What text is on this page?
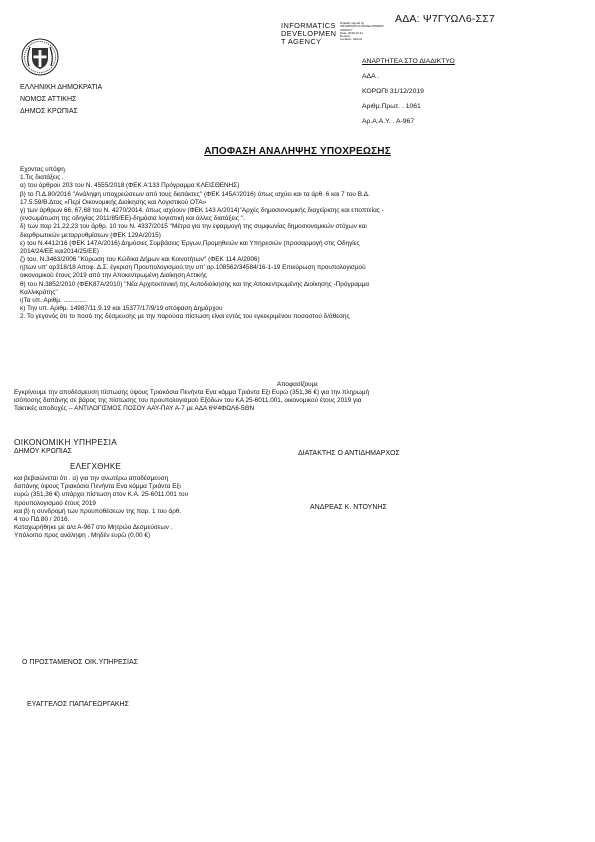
ΑΔΑ: Ψ7ΓΥΩΛ6-ΣΣ7
INFORMATICS
DEVELOPMEN
T AGENCY
Digitally signed by
INFORMATICS DEVELOPMENT
AGENCY
Date: 2019.12.31
Reason:
Location: Athens
ΕΛΛΗΝΙΚΗ ΔΗΜΟΚΡΑΤΙΑ
ΝΟΜΟΣ ΑΤΤΙΚΗΣ
ΔΗΜΟΣ ΚΡΩΠΙΑΣ
ΑΝΑΡΤΗΤΕΑ ΣΤΟ ΔΙΑΔΙΚΤΥΟ
ΑΔΑ .
ΚΟΡΩΠΙ 31/12/2019
Αριθμ.Πρωτ. . 1061
Αρ.Α.Α.Υ. . Α-967
ΑΠΟΦΑΣΗ ΑΝΑΛΗΨΗΣ ΥΠΟΧΡΕΩΣΗΣ
Εχοντας υπόψη.
1.Τις διατάξεις .
α) του άρθρου 203 του Ν. 4555/2018 (ΦΕΚ Α'133 Πρόγραμμα ΚΛΕΙΣΘΕΝΗΣ)
β) το Π.Δ.80/2016 ''Ανάληψη υποχρεώσεων από τους διατάκτες'' (ΦΕΚ 145Α'/2016) όπως ισχύει και τα άρθ. 6 και 7 του Β.Δ.
17.5.59/Β.Δτος «Περί Οικονομικής Διοίκησης και Λογιστικού ΟΤΑ»
γ) των άρθρων 66, 67,68 του Ν. 4270/2014, όπως ισχύουν (ΦΕΚ 143 Α/2014)''Αρχές δημοσιονομικής διαχείρισης και εποπτείας -
(ενσωμάτωση της οδηγίας 2011/85/ΕΕ)-δημόσια λογιστική και άλλες διατάξεις ''.
δ) των παρ 21,22,23 του άρθρ. 10 του Ν. 4337/2015 ''Μέτρα για την εφαρμογή της συμφωνίας δημοσιονομικών στόχων και
διαρθρωτικών μεταρρυθμίσεων (ΦΕΚ 129Α/2015)
ε) του Ν.4412/16 (ΦΕΚ 147Α/2016) Δημόσιες Συμβάσεις Έργων,Προμηθειών και Υπηρεσιών (προσαρμογή στις Οδηγίες
2014/24/ΕΕ και2014/25/ΕΕ)
ζ) του. Ν.3463/2006 ''Κύρωση του Κώδικα Δήμων και Κοινοτήτων'' (ΦΕΚ 114 Α/2006)
η)των υπ' αρ318/18 Αποφ. Δ.Σ. έγκριση Προυπολογισμού,την υπ' αρ.108562/34584/16-1-19 Επικύρωση προυπολογισμού
οικονομικού έτους 2019 από την Αποκεντρωμένη Διοίκηση Αττικής
θ) του Ν.3852/2010 (ΦΕΚ87Α/2010) ''Νέα Αρχιτεκτονική της Αυτοδιοίκησης και της Αποκεντρωμένης Διοίκησης -Πρόγραμμα
Καλλικράτης''
ι)Τα υπ. Αριθμ. .............
κ) Την υπ. Αριθμ. 14987/11.9.19 και 15377/17/9/19 απόφαση Δημάρχου
2. Το γεγονός ότι το ποσό της δέσμευσης με την παρούσα πίστωση είναι εντός του εγκεκριμένου ποσοστού δ/άθεσης
Αποφασίζουμε
Εγκρίνουμε την αποδέσμευση πίστωσης ύψους Τριακόσια Πενήντα Ενα κόμμα Τριάντα Εξι Ευρώ (351,36 €) για την πληρωμή
ισόποσης δαπάνης σε βάρος της πίστωσης του προυπολογισμού Εξόδων του ΚΑ 25-6011.001, οικονομικού έτους 2019 για
Τακτικές αποδοχές -- ΑΝΤΙΛΟΓΙΣΜΟΣ ΠΟΣΟΥ ΑΑΥ-ΠΑΥ Α-7 με ΑΔΑ 6Ψ4ΦΩΛ6-5ΘΝ
ΟΙΚΟΝΟΜΙΚΗ ΥΠΗΡΕΣΙΑ
ΔΗΜΟΥ ΚΡΩΠΙΑΣ
ΕΛΕΓΧΘΗΚΕ
και βεβαιώνεται ότι . α) για την ανωτέρω αποδέσμευση
δαπάνης ύψους Τριακόσια Πενήντα Ενα κόμμα Τριάντα Εξι
ευρώ (351,36 €) υπάρχει πίστωση στον Κ.Α. 25-6011.001 του
προυπολογισμού έτους 2019
και β) η συνδρομή των προυποθέσεων της παρ. 1 του άρθ.
4 του ΠΔ 80 / 2016.
Καταχωρήθηκε με α/α Α-967 στο Μητρώο Δεσμεύσεων .
Υπόλοιπο προς ανάληψη . Μηδέν ευρώ (0,00 €)
ΔΙΑΤΑΚΤΗΣ Ο ΑΝΤΙΔΗΜΑΡΧΟΣ
ΑΝΔΡΕΑΣ Κ. ΝΤΟΥΝΗΣ
Ο ΠΡΟΣΤΑΜΕΝΟΣ ΟΙΚ.ΥΠΗΡΕΣΙΑΣ
ΕΥΑΓΓΕΛΟΣ ΠΑΠΑΓΕΩΡΓΑΚΗΣ
